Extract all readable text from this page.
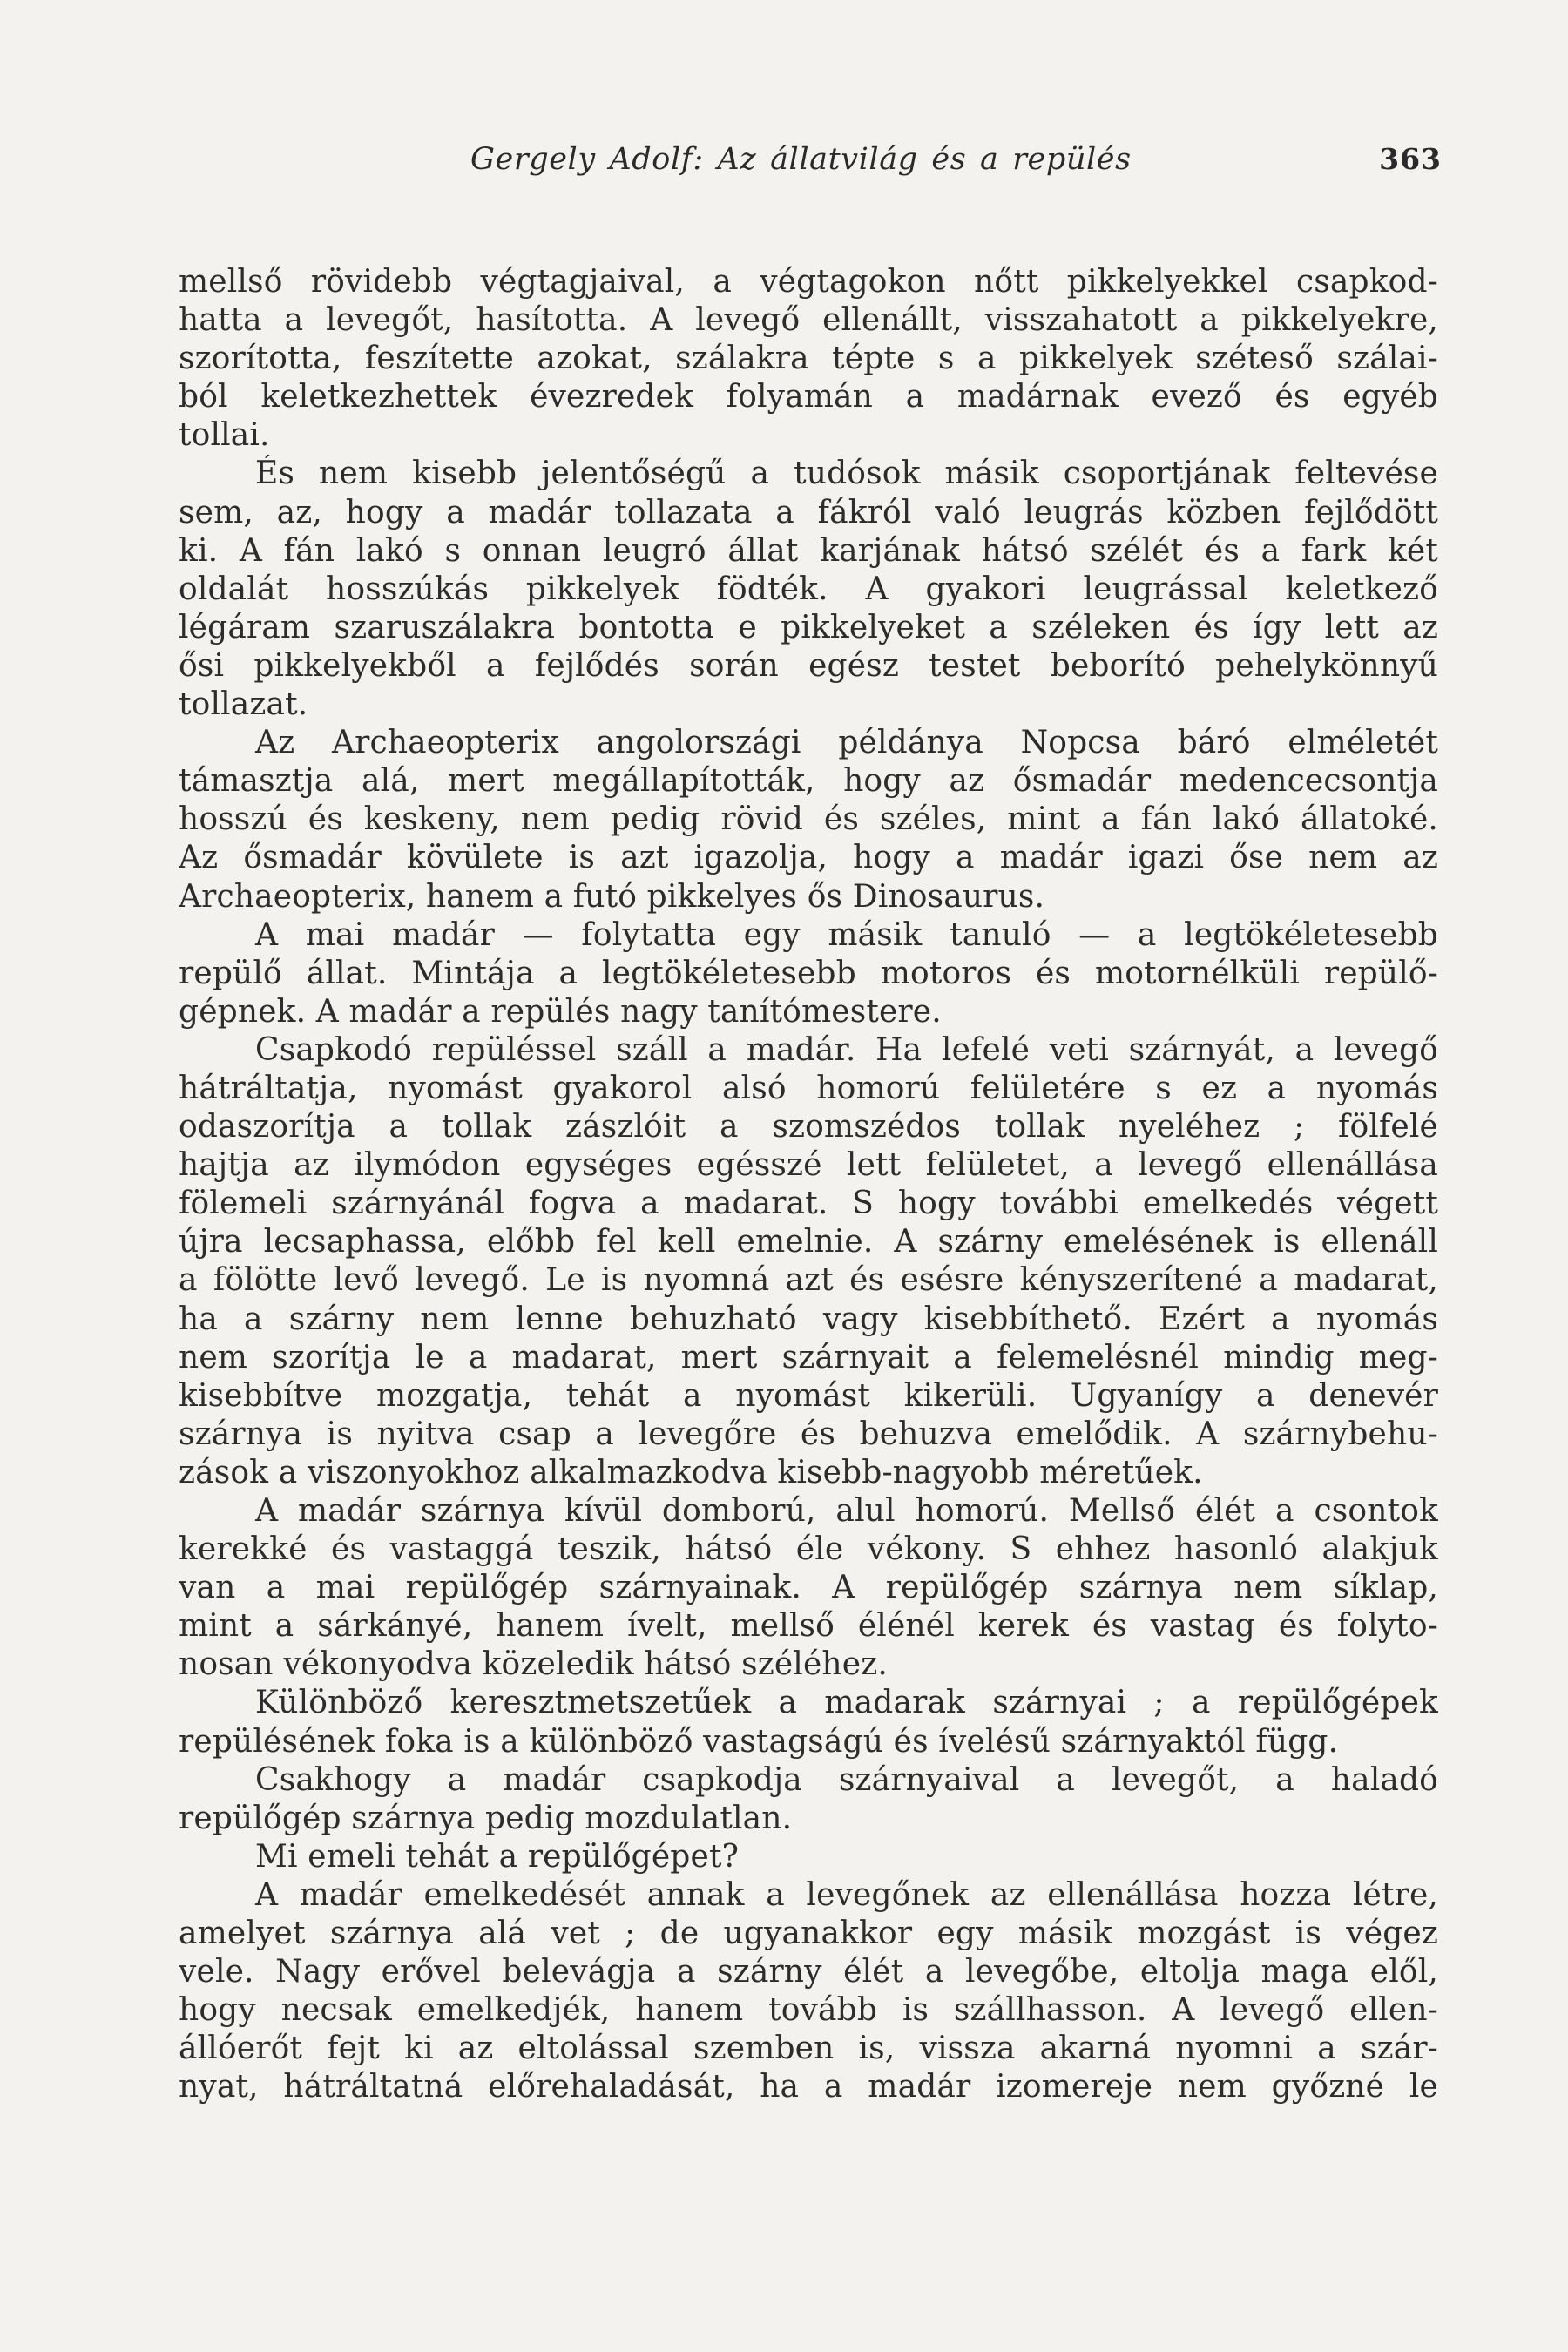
Gergely Adolf: Az állatvilág és a repülés	363
mellső rövidebb végtagjaival, a végtagokon nőtt pikkelyekkel csapkod-
hatta a levegőt, hasította. A levegő ellenállt, visszahatott a pikkelyekre,
szorította, feszítette azokat, szálakra tépte s a pikkelyek széteső szálai-
ból keletkezhettek évezredek folyamán a madárnak evező és egyéb
tollai.
És nem kisebb jelentőségű a tudósok másik csoportjának feltevése
sem, az, hogy a madár tollazata a fákról való leugrás közben fejlődött
ki. A fán lakó s onnan leugró állat karjának hátsó szélét és a fark két
oldalát hosszúkás pikkelyek födték. A gyakori leugrással keletkező
légáram szaruszálakra bontotta e pikkelyeket a széleken és így lett az
ősi pikkelyekből a fejlődés során egész testet beborító pehelykönnyű
tollazat.
Az Archaeopterix angolországi példánya Nopcsa báró elméletét
támasztja alá, mert megállapították, hogy az ősmadár medencecsontja
hosszú és keskeny, nem pedig rövid és széles, mint a fán lakó állatoké.
Az ősmadár kövülete is azt igazolja, hogy a madár igazi őse nem az
Archaeopterix, hanem a futó pikkelyes ős Dinosaurus.
A mai madár — folytatta egy másik tanuló — a legtökéletesebb
repülő állat. Mintája a legtökéletesebb motoros és motornélküli repülő-
gépnek. A madár a repülés nagy tanítómestere.
Csapkodó repüléssel száll a madár. Ha lefelé veti szárnyát, a levegő
hátráltatja, nyomást gyakorol alsó homorú felületére s ez a nyomás
odaszorítja a tollak zászlóit a szomszédos tollak nyeléhez ; fölfelé
hajtja az ilymódon egységes egésszé lett felületet, a levegő ellenállása
fölemeli szárnyánál fogva a madarat. S hogy további emelkedés végett
újra lecsaphassa, előbb fel kell emelnie. A szárny emelésének is ellenáll
a fölötte levő levegő. Le is nyomná azt és esésre kényszerítené a madarat,
ha a szárny nem lenne behuzható vagy kisebbíthető. Ezért a nyomás
nem szorítja le a madarat, mert szárnyait a felemelésnél mindig meg-
kisebbítve mozgatja, tehát a nyomást kikerüli. Ugyanígy a denevér
szárnya is nyitva csap a levegőre és behuzva emelődik. A szárnybehu-
zások a viszonyokhoz alkalmazkodva kisebb-nagyobb méretűek.
A madár szárnya kívül domború, alul homorú. Mellső élét a csontok
kerekké és vastaggá teszik, hátsó éle vékony. S ehhez hasonló alakjuk
van a mai repülőgép szárnyainak. A repülőgép szárnya nem síklap,
mint a sárkányé, hanem ívelt, mellső élénél kerek és vastag és folyto-
nosan vékonyodva közeledik hátsó széléhez.
Különböző keresztmetszetűek a madarak szárnyai ; a repülőgépek
repülésének foka is a különböző vastagságú és ívelésű szárnyaktól függ.
Csakhogy a madár csapkodja szárnyaival a levegőt, a haladó
repülőgép szárnya pedig mozdulatlan.
Mi emeli tehát a repülőgépet?
A madár emelkedését annak a levegőnek az ellenállása hozza létre,
amelyet szárnya alá vet ; de ugyanakkor egy másik mozgást is végez
vele. Nagy erővel belevágja a szárny élét a levegőbe, eltolja maga elől,
hogy necsak emelkedjék, hanem tovább is szállhasson. A levegő ellen-
állóerőt fejt ki az eltolással szemben is, vissza akarná nyomni a szár-
nyat, hátráltatná előrehaladását, ha a madár izomereje nem győzné le
